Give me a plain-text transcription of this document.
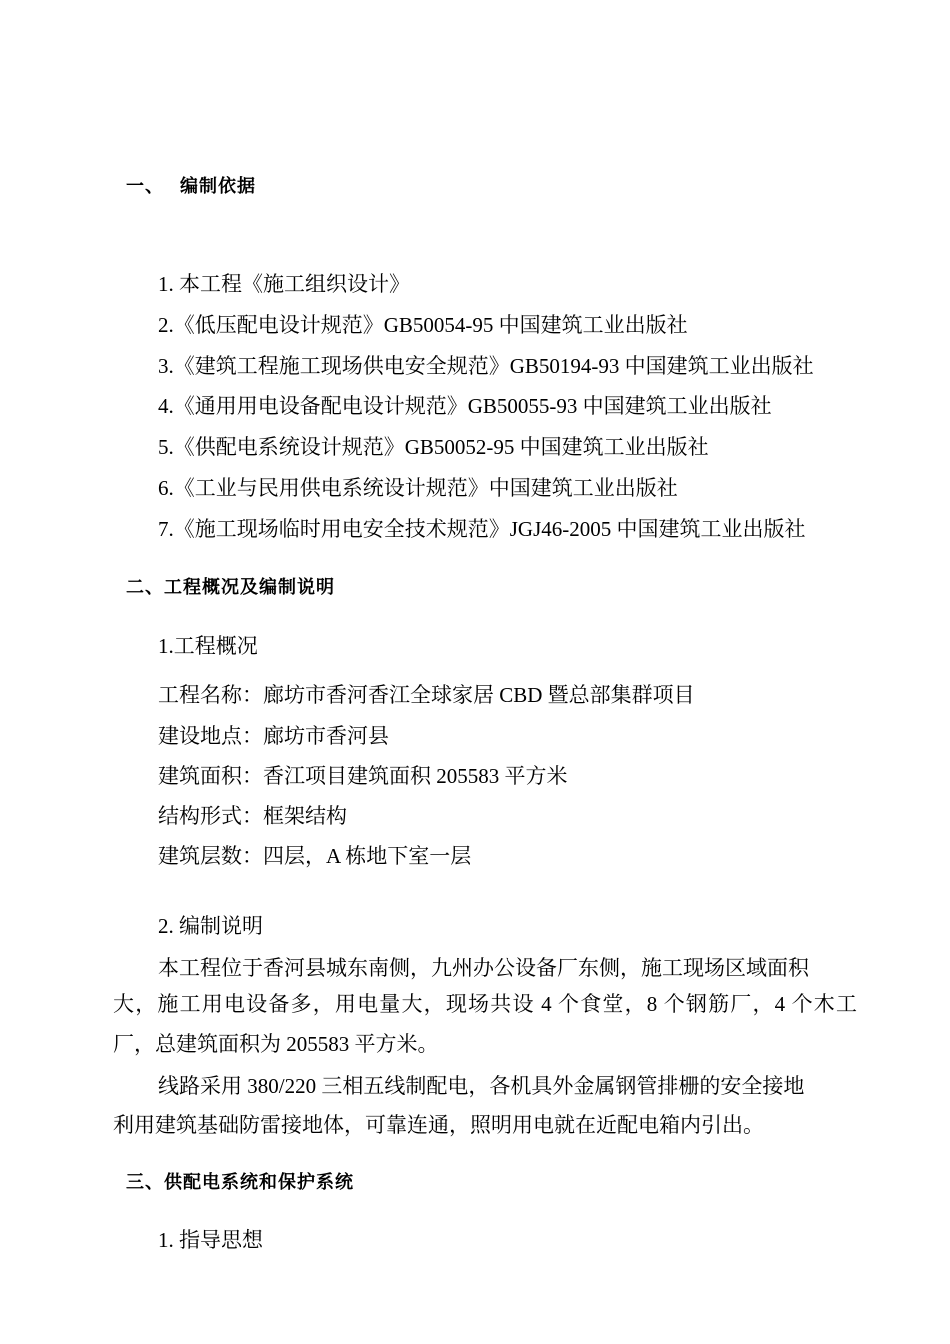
一、 编制依据
1. 本工程《施工组织设计》
2.《低压配电设计规范》GB50054-95 中国建筑工业出版社
3.《建筑工程施工现场供电安全规范》GB50194-93 中国建筑工业出版社
4.《通用用电设备配电设计规范》GB50055-93 中国建筑工业出版社
5.《供配电系统设计规范》GB50052-95 中国建筑工业出版社
6.《工业与民用供电系统设计规范》中国建筑工业出版社
7.《施工现场临时用电安全技术规范》JGJ46-2005 中国建筑工业出版社
二、工程概况及编制说明
1.工程概况
工程名称：廊坊市香河香江全球家居 CBD 暨总部集群项目
建设地点：廊坊市香河县
建筑面积：香江项目建筑面积 205583 平方米
结构形式：框架结构
建筑层数：四层，A 栋地下室一层
2. 编制说明
本工程位于香河县城东南侧，九州办公设备厂东侧，施工现场区域面积
大，施工用电设备多，用电量大，现场共设 4 个食堂，8 个钢筋厂，4 个木工
厂，总建筑面积为 205583 平方米。
线路采用 380/220 三相五线制配电，各机具外金属钢管排栅的安全接地
利用建筑基础防雷接地体，可靠连通，照明用电就在近配电箱内引出。
三、供配电系统和保护系统
1. 指导思想
